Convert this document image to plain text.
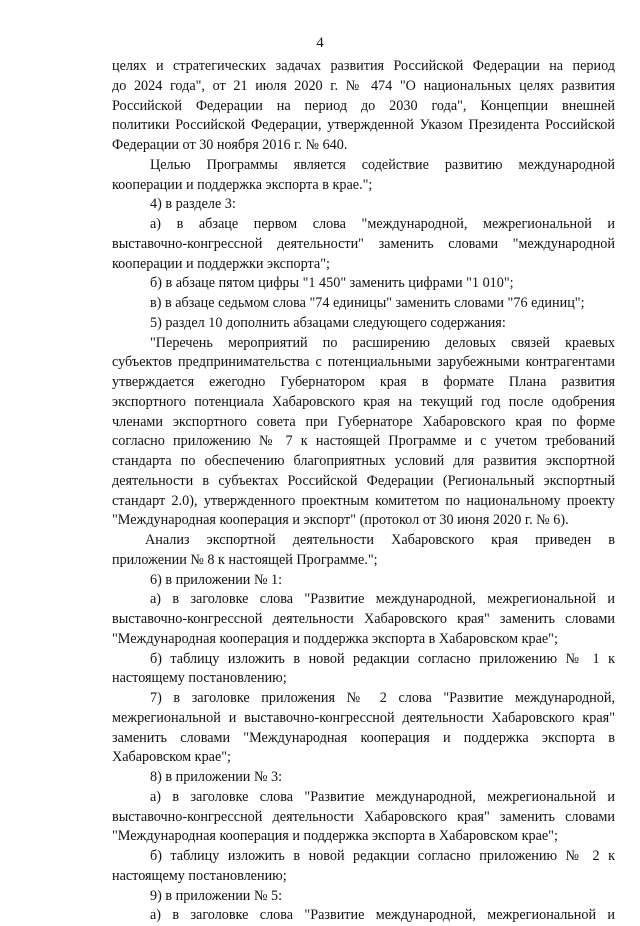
4
целях и стратегических задачах развития Российской Федерации на период
до 2024 года", от 21 июля 2020 г. № 474 "О национальных целях развития
Российской Федерации на период до 2030 года", Концепции внешней
политики Российской Федерации, утвержденной Указом Президента Российской
Федерации от 30 ноября 2016 г. № 640.
Целью Программы является содействие развитию международной
кооперации и поддержка экспорта в крае.";
4) в разделе 3:
а) в абзаце первом слова "международной, межрегиональной и
выставочно-конгрессной деятельности" заменить словами "международной
кооперации и поддержки экспорта";
б) в абзаце пятом цифры "1 450" заменить цифрами "1 010";
в) в абзаце седьмом слова "74 единицы" заменить словами "76 единиц";
5) раздел 10 дополнить абзацами следующего содержания:
"Перечень мероприятий по расширению деловых связей краевых
субъектов предпринимательства с потенциальными зарубежными контрагентами
утверждается ежегодно Губернатором края в формате Плана развития
экспортного потенциала Хабаровского края на текущий год после одобрения
членами экспортного совета при Губернаторе Хабаровского края по форме
согласно приложению № 7 к настоящей Программе и с учетом требований
стандарта по обеспечению благоприятных условий для развития экспортной
деятельности в субъектах Российской Федерации (Региональный экспортный
стандарт 2.0), утвержденного проектным комитетом по национальному проекту
"Международная кооперация и экспорт" (протокол от 30 июня 2020 г. № 6).
Анализ экспортной деятельности Хабаровского края приведен в
приложении № 8 к настоящей Программе.";
6) в приложении № 1:
а) в заголовке слова "Развитие международной, межрегиональной и
выставочно-конгрессной деятельности Хабаровского края" заменить словами
"Международная кооперация и поддержка экспорта в Хабаровском крае";
б) таблицу изложить в новой редакции согласно приложению № 1 к
настоящему постановлению;
7) в заголовке приложения № 2 слова "Развитие международной,
межрегиональной и выставочно-конгрессной деятельности Хабаровского края"
заменить словами "Международная кооперация и поддержка экспорта в
Хабаровском крае";
8) в приложении № 3:
а) в заголовке слова "Развитие международной, межрегиональной и
выставочно-конгрессной деятельности Хабаровского края" заменить словами
"Международная кооперация и поддержка экспорта в Хабаровском крае";
б) таблицу изложить в новой редакции согласно приложению № 2 к
настоящему постановлению;
9) в приложении № 5:
а) в заголовке слова "Развитие международной, межрегиональной и
